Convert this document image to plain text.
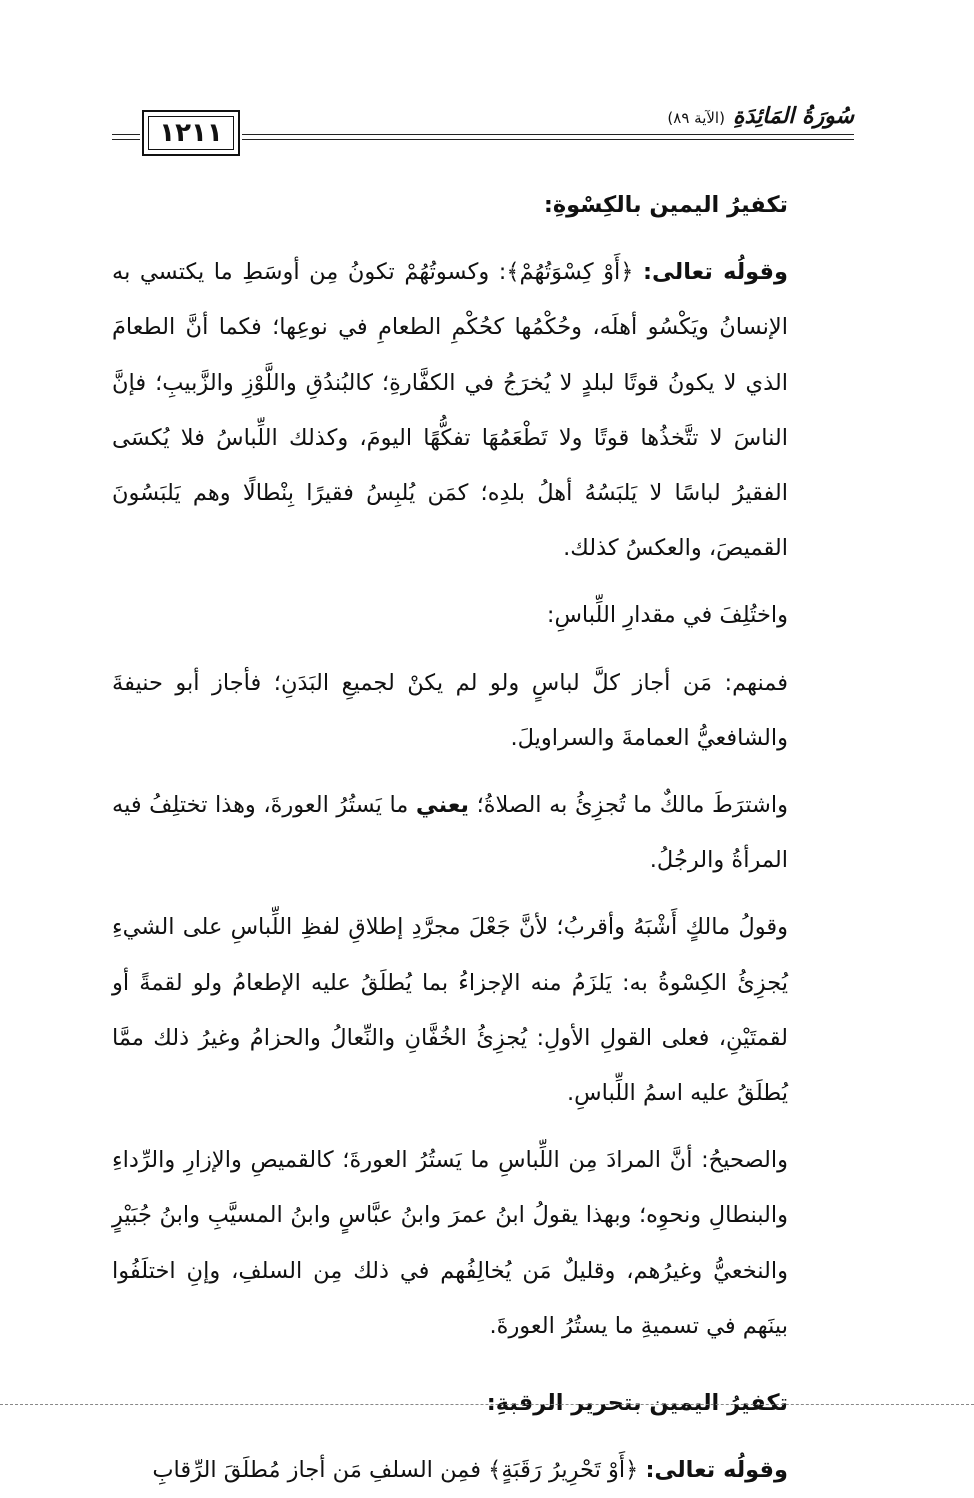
١٢١١
سُورَةُ المَائِدَةِ
(الآية ٨٩)

تكفيرُ اليمين بالكِسْوةِ:

وقولُه تعالى: ﴿أَوْ كِسْوَتُهُمْ﴾: وكسوتُهُمْ تكونُ مِن أوسَطِ ما يكتسي به الإنسانُ ويَكْسُو أهلَه، وحُكْمُها كحُكْمِ الطعامِ في نوعِها؛ فكما أنَّ الطعامَ الذي لا يكونُ قوتًا لبلدٍ لا يُخرَجُ في الكفَّارةِ؛ كالبُندُقِ واللَّوْزِ والزَّبيبِ؛ فإنَّ الناسَ لا تتَّخذُها قوتًا ولا تَطْعَمُهَا تفكُّهًا اليومَ، وكذلك اللِّباسُ فلا يُكسَى الفقيرُ لباسًا لا يَلبَسُهُ أهلُ بلدِه؛ كمَن يُلبِسُ فقيرًا بِنْطالًا وهم يَلبَسُونَ القميصَ، والعكسُ كذلك.

واختُلِفَ في مقدارِ اللِّباسِ:

فمنهم: مَن أجاز كلَّ لباسٍ ولو لم يكنْ لجميعِ البَدَنِ؛ فأجاز أبو حنيفةَ والشافعيُّ العمامةَ والسراويلَ.

واشترَطَ مالكٌ ما تُجزِئُ به الصلاةُ؛ يعني ما يَستُرُ العورةَ، وهذا تختلِفُ فيه المرأةُ والرجُلُ.

وقولُ مالكٍ أَشْبَهُ وأقربُ؛ لأنَّ جَعْلَ مجرَّدِ إطلاقِ لفظِ اللِّباسِ على الشيءِ يُجزِئُ الكِسْوةُ به: يَلزَمُ منه الإجزاءُ بما يُطلَقُ عليه الإطعامُ ولو لقمةً أو لقمتَيْنِ، فعلى القولِ الأولِ: يُجزِئُ الخُفَّانِ والنِّعالُ والحزامُ وغيرُ ذلك ممَّا يُطلَقُ عليه اسمُ اللِّباسِ.

والصحيحُ: أنَّ المرادَ مِن اللِّباسِ ما يَستُرُ العورةَ؛ كالقميصِ والإزارِ والرِّداءِ والبنطالِ ونحوِه؛ وبهذا يقولُ ابنُ عمرَ وابنُ عبَّاسٍ وابنُ المسيَّبِ وابنُ جُبَيْرٍ والنخعيُّ وغيرُهم، وقليلٌ مَن يُخالِفُهم في ذلك مِن السلفِ، وإنِ اختلَفُوا بينَهم في تسميةِ ما يستُرُ العورةَ.

تكفيرُ اليمين بتحرير الرقبةِ:

وقولُه تعالى: ﴿أَوْ تَحْرِيرُ رَقَبَةٍ﴾ فمِن السلفِ مَن أجاز مُطلَقَ الرِّقابِ
